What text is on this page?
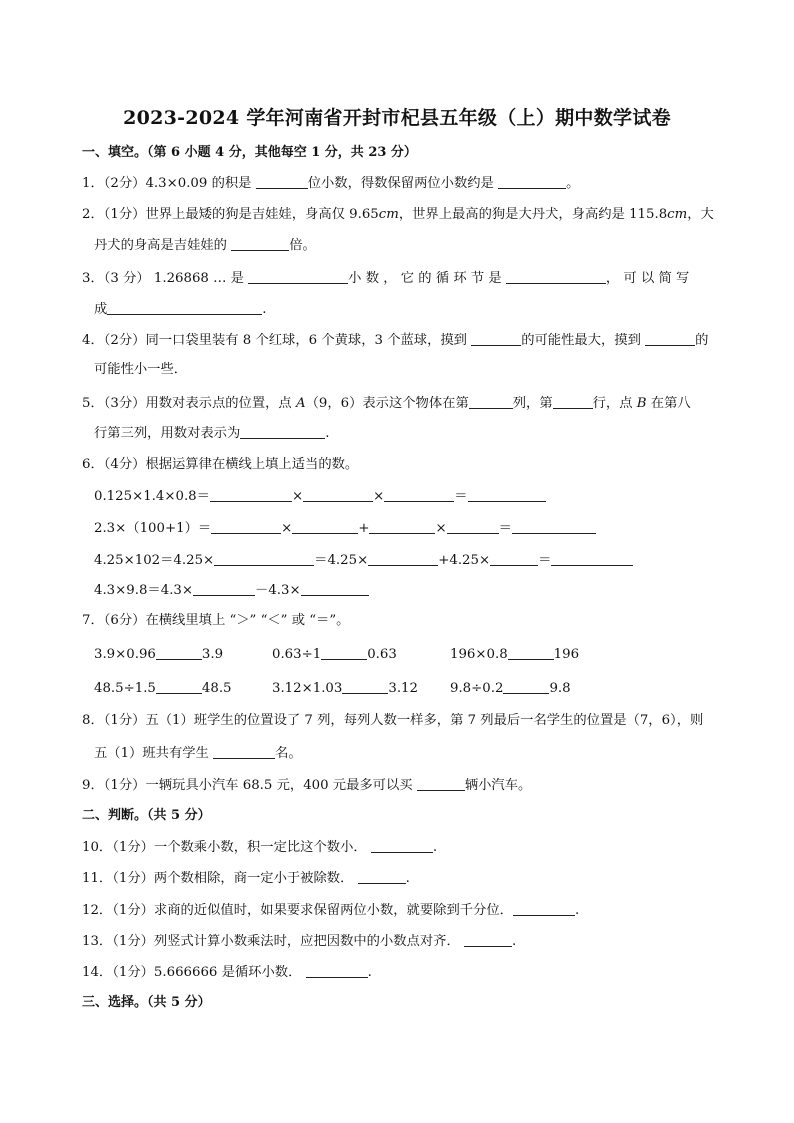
2023-2024 学年河南省开封市杞县五年级（上）期中数学试卷
一、填空。（第 6 小题 4 分，其他每空 1 分，共 23 分）
1．（2分）4.3×0.09 的积是	位小数，得数保留两位小数约是	。
2．（1分）世界上最矮的狗是吉娃娃，身高仅 9.65cm，世界上最高的狗是大丹犬，身高约是 115.8cm，大
丹犬的身高是吉娃娃的	倍。
3．（3 分） 1.26868 … 是	小 数 ， 它 的 循 环 节 是	， 可 以 简 写
成	.
4．（2分）同一口袋里装有 8 个红球，6 个黄球，3 个蓝球，摸到	的可能性最大，摸到	的
可能性小一些．
5．（3分）用数对表示点的位置，点 A（9，6）表示这个物体在第	列，第	行，点 B 在第八
行第三列，用数对表示为	.
6．（4分）根据运算律在横线上填上适当的数。
0.125×1.4×0.8＝	×	×	＝
2.3×（100+1）＝	×	+	×	＝
4.25×102＝4.25×	＝4.25×	+4.25×	＝
4.3×9.8＝4.3×	－4.3×
7．（6分）在横线里填上 “＞” “＜” 或 “＝”。
3.9×0.96	3.9	0.63÷1	0.63	196×0.8	196
48.5÷1.5	48.5	3.12×1.03	3.12 9.8÷0.2	9.8
8．（1分）五（1）班学生的位置设了 7 列，每列人数一样多，第 7 列最后一名学生的位置是（7，6），则
五（1）班共有学生	名。
9．（1分）一辆玩具小汽车 68.5 元，400 元最多可以买	辆小汽车。
二、判断。（共 5 分）
10．（1分）一个数乘小数，积一定比这个数小．	.
11．（1分）两个数相除，商一定小于被除数．	.
12．（1分）求商的近似值时，如果要求保留两位小数，就要除到千分位．	.
13．（1分）列竖式计算小数乘法时，应把因数中的小数点对齐．	.
14．（1分）5.666666 是循环小数．	.
三、选择。（共 5 分）
